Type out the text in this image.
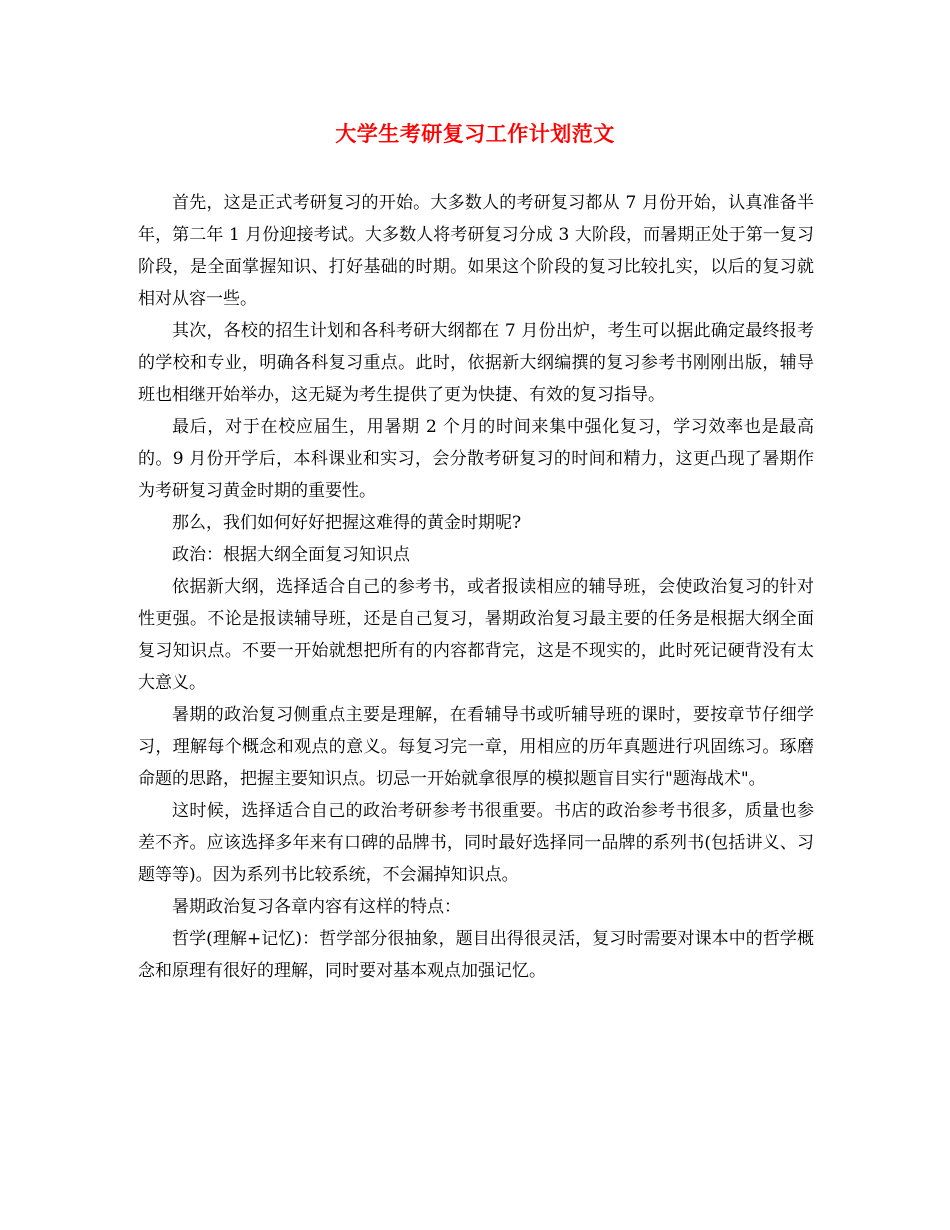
大学生考研复习工作计划范文

首先，这是正式考研复习的开始。大多数人的考研复习都从 7 月份开始，认真准备半年，第二年 1 月份迎接考试。大多数人将考研复习分成 3 大阶段，而暑期正处于第一复习阶段，是全面掌握知识、打好基础的时期。如果这个阶段的复习比较扎实，以后的复习就相对从容一些。

其次，各校的招生计划和各科考研大纲都在 7 月份出炉，考生可以据此确定最终报考的学校和专业，明确各科复习重点。此时，依据新大纲编撰的复习参考书刚刚出版，辅导班也相继开始举办，这无疑为考生提供了更为快捷、有效的复习指导。

最后，对于在校应届生，用暑期 2 个月的时间来集中强化复习，学习效率也是最高的。9 月份开学后，本科课业和实习，会分散考研复习的时间和精力，这更凸现了暑期作为考研复习黄金时期的重要性。

那么，我们如何好好把握这难得的黄金时期呢?

政治：根据大纲全面复习知识点

依据新大纲，选择适合自己的参考书，或者报读相应的辅导班，会使政治复习的针对性更强。不论是报读辅导班，还是自己复习，暑期政治复习最主要的任务是根据大纲全面复习知识点。不要一开始就想把所有的内容都背完，这是不现实的，此时死记硬背没有太大意义。

暑期的政治复习侧重点主要是理解，在看辅导书或听辅导班的课时，要按章节仔细学习，理解每个概念和观点的意义。每复习完一章，用相应的历年真题进行巩固练习。琢磨命题的思路，把握主要知识点。切忌一开始就拿很厚的模拟题盲目实行"题海战术"。

这时候，选择适合自己的政治考研参考书很重要。书店的政治参考书很多，质量也参差不齐。应该选择多年来有口碑的品牌书，同时最好选择同一品牌的系列书(包括讲义、习题等等)。因为系列书比较系统，不会漏掉知识点。

暑期政治复习各章内容有这样的特点：

哲学(理解+记忆)：哲学部分很抽象，题目出得很灵活，复习时需要对课本中的哲学概念和原理有很好的理解，同时要对基本观点加强记忆。
